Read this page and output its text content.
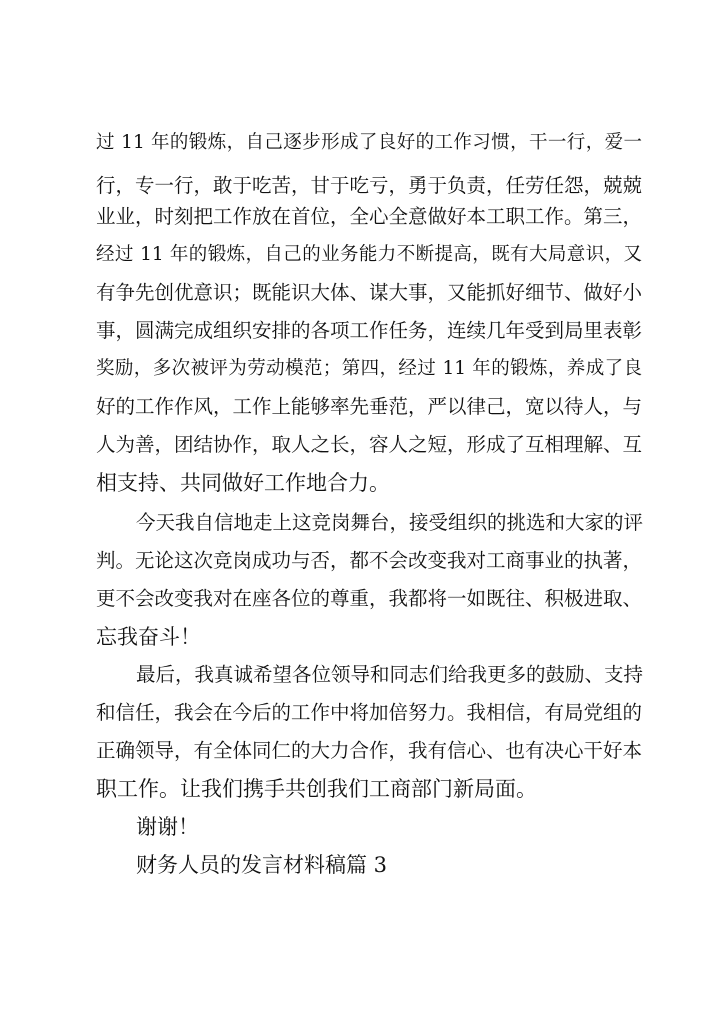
过 11 年的锻炼，自己逐步形成了良好的工作习惯，干一行，爱一
行，专一行，敢于吃苦，甘于吃亏，勇于负责，任劳任怨，兢兢
业业，时刻把工作放在首位，全心全意做好本工职工作。第三，
经过 11 年的锻炼，自己的业务能力不断提高，既有大局意识，又
有争先创优意识；既能识大体、谋大事，又能抓好细节、做好小
事，圆满完成组织安排的各项工作任务，连续几年受到局里表彰
奖励，多次被评为劳动模范；第四，经过 11 年的锻炼，养成了良
好的工作作风，工作上能够率先垂范，严以律己，宽以待人，与
人为善，团结协作，取人之长，容人之短，形成了互相理解、互
相支持、共同做好工作地合力。
今天我自信地走上这竞岗舞台，接受组织的挑选和大家的评
判。无论这次竞岗成功与否，都不会改变我对工商事业的执著，
更不会改变我对在座各位的尊重，我都将一如既往、积极进取、
忘我奋斗！
最后，我真诚希望各位领导和同志们给我更多的鼓励、支持
和信任，我会在今后的工作中将加倍努力。我相信，有局党组的
正确领导，有全体同仁的大力合作，我有信心、也有决心干好本
职工作。让我们携手共创我们工商部门新局面。
谢谢！
财务人员的发言材料稿篇 3
